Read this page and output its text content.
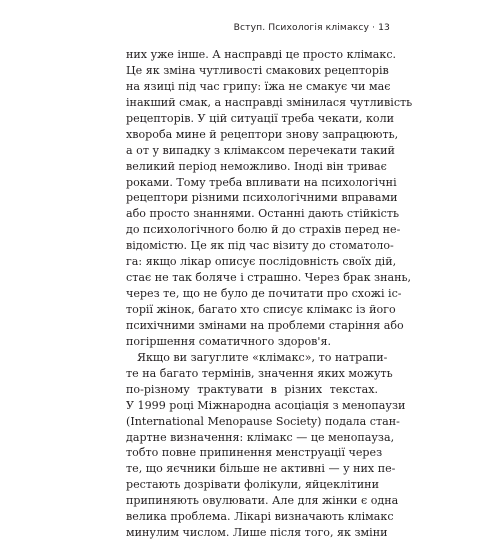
Вступ. Психологія клімаксу · 13
них уже інше. А насправді це просто клімакс.
Це як зміна чутливості смакових рецепторів
на язиці під час грипу: їжа не смакує чи має
інакший смак, а насправді змінилася чутливість
рецепторів. У цій ситуації треба чекати, коли
хвороба мине й рецептори знову запрацюють,
а от у випадку з клімаксом перечекати такий
великий період неможливо. Іноді він триває
роками. Тому треба впливати на психологічні
рецептори різними психологічними вправами
або просто знаннями. Останні дають стійкість
до психологічного болю й до страхів перед не-
відомістю. Це як під час візиту до стоматоло-
га: якщо лікар описує послідовність своїх дій,
стає не так боляче і страшно. Через брак знань,
через те, що не було де почитати про схожі іс-
торії жінок, багато хто списує клімакс із його
психічними змінами на проблеми старіння або
погіршення соматичного здоров'я.
Якщо ви загуглите «клімакс», то натрапи-
те на багато термінів, значення яких можуть
по-різному трактувати в різних текстах.
У 1999 році Міжнародна асоціація з менопаузи
(International Menopause Society) подала стан-
дартне визначення: клімакс — це менопауза,
тобто повне припинення менструації через
те, що яєчники більше не активні — у них пе-
рестають дозрівати фолікули, яйцеклітини
припиняють овулювати. Але для жінки є одна
велика проблема. Лікарі визначають клімакс
минулим числом. Лише після того, як зміни
